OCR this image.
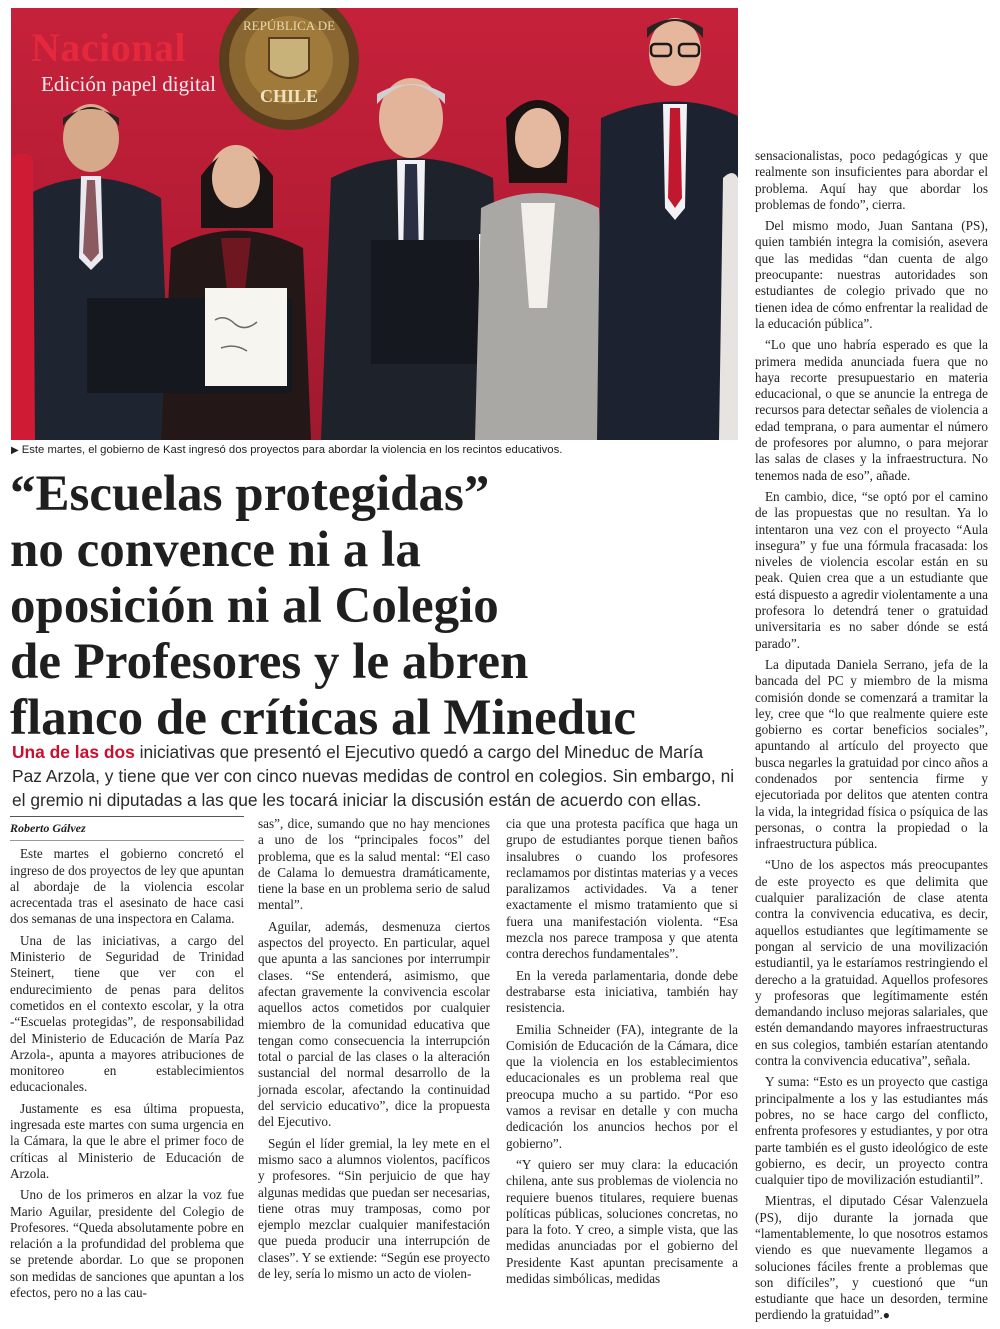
REPÚBLICA DE
CHILE
Nacional
Edición papel digital
▶ Este martes, el gobierno de Kast ingresó dos proyectos para abordar la violencia en los recintos educativos.
“Escuelas protegidas”
no convence ni a la
oposición ni al Colegio
de Profesores y le abren
flanco de críticas al Mineduc

Una de las dos iniciativas que presentó el Ejecutivo quedó a cargo del Mineduc de María Paz Arzola, y tiene que ver con cinco nuevas medidas de control en colegios. Sin embargo, ni el gremio ni diputadas a las que les tocará iniciar la discusión están de acuerdo con ellas.

Roberto Gálvez

Este martes el gobierno concretó el ingreso de dos proyectos de ley que apuntan al abordaje de la violencia escolar acrecentada tras el asesinato de hace casi dos semanas de una inspectora en Calama.

Una de las iniciativas, a cargo del Ministerio de Seguridad de Trinidad Steinert, tiene que ver con el endurecimiento de penas para delitos cometidos en el contexto escolar, y la otra -“Escuelas protegidas”, de responsabilidad del Ministerio de Educación de María Paz Arzola-, apunta a mayores atribuciones de monitoreo en establecimientos educacionales.

Justamente es esa última propuesta, ingresada este martes con suma urgencia en la Cámara, la que le abre el primer foco de críticas al Ministerio de Educación de Arzola.

Uno de los primeros en alzar la voz fue Mario Aguilar, presidente del Colegio de Profesores. “Queda absolutamente pobre en relación a la profundidad del problema que se pretende abordar. Lo que se proponen son medidas de sanciones que apuntan a los efectos, pero no a las cau-

sas”, dice, sumando que no hay menciones a uno de los “principales focos” del problema, que es la salud mental: “El caso de Calama lo demuestra dramáticamente, tiene la base en un problema serio de salud mental”.

Aguilar, además, desmenuza ciertos aspectos del proyecto. En particular, aquel que apunta a las sanciones por interrumpir clases. “Se entenderá, asimismo, que afectan gravemente la convivencia escolar aquellos actos cometidos por cualquier miembro de la comunidad educativa que tengan como consecuencia la interrupción total o parcial de las clases o la alteración sustancial del normal desarrollo de la jornada escolar, afectando la continuidad del servicio educativo”, dice la propuesta del Ejecutivo.

Según el líder gremial, la ley mete en el mismo saco a alumnos violentos, pacíficos y profesores. “Sin perjuicio de que hay algunas medidas que puedan ser necesarias, tiene otras muy tramposas, como por ejemplo mezclar cualquier manifestación que pueda producir una interrupción de clases”. Y se extiende: “Según ese proyecto de ley, sería lo mismo un acto de violen-

cia que una protesta pacífica que haga un grupo de estudiantes porque tienen baños insalubres o cuando los profesores reclamamos por distintas materias y a veces paralizamos actividades. Va a tener exactamente el mismo tratamiento que si fuera una manifestación violenta. “Esa mezcla nos parece tramposa y que atenta contra derechos fundamentales”.

En la vereda parlamentaria, donde debe destrabarse esta iniciativa, también hay resistencia.

Emilia Schneider (FA), integrante de la Comisión de Educación de la Cámara, dice que la violencia en los establecimientos educacionales es un problema real que preocupa mucho a su partido. “Por eso vamos a revisar en detalle y con mucha dedicación los anuncios hechos por el gobierno”.

“Y quiero ser muy clara: la educación chilena, ante sus problemas de violencia no requiere buenos titulares, requiere buenas políticas públicas, soluciones concretas, no para la foto. Y creo, a simple vista, que las medidas anunciadas por el gobierno del Presidente Kast apuntan precisamente a medidas simbólicas, medidas

sensacionalistas, poco pedagógicas y que realmente son insuficientes para abordar el problema. Aquí hay que abordar los problemas de fondo”, cierra.

Del mismo modo, Juan Santana (PS), quien también integra la comisión, asevera que las medidas “dan cuenta de algo preocupante: nuestras autoridades son estudiantes de colegio privado que no tienen idea de cómo enfrentar la realidad de la educación pública”.

“Lo que uno habría esperado es que la primera medida anunciada fuera que no haya recorte presupuestario en materia educacional, o que se anuncie la entrega de recursos para detectar señales de violencia a edad temprana, o para aumentar el número de profesores por alumno, o para mejorar las salas de clases y la infraestructura. No tenemos nada de eso”, añade.

En cambio, dice, “se optó por el camino de las propuestas que no resultan. Ya lo intentaron una vez con el proyecto “Aula insegura” y fue una fórmula fracasada: los niveles de violencia escolar están en su peak. Quien crea que a un estudiante que está dispuesto a agredir violentamente a una profesora lo detendrá tener o gratuidad universitaria es no saber dónde se está parado”.

La diputada Daniela Serrano, jefa de la bancada del PC y miembro de la misma comisión donde se comenzará a tramitar la ley, cree que “lo que realmente quiere este gobierno es cortar beneficios sociales”, apuntando al artículo del proyecto que busca negarles la gratuidad por cinco años a condenados por sentencia firme y ejecutoriada por delitos que atenten contra la vida, la integridad física o psíquica de las personas, o contra la propiedad o la infraestructura pública.

“Uno de los aspectos más preocupantes de este proyecto es que delimita que cualquier paralización de clase atenta contra la convivencia educativa, es decir, aquellos estudiantes que legítimamente se pongan al servicio de una movilización estudiantil, ya le estaríamos restringiendo el derecho a la gratuidad. Aquellos profesores y profesoras que legítimamente estén demandando incluso mejoras salariales, que estén demandando mayores infraestructuras en sus colegios, también estarían atentando contra la convivencia educativa”, señala.

Y suma: “Esto es un proyecto que castiga principalmente a los y las estudiantes más pobres, no se hace cargo del conflicto, enfrenta profesores y estudiantes, y por otra parte también es el gusto ideológico de este gobierno, es decir, un proyecto contra cualquier tipo de movilización estudiantil”.

Mientras, el diputado César Valenzuela (PS), dijo durante la jornada que “lamentablemente, lo que nosotros estamos viendo es que nuevamente llegamos a soluciones fáciles frente a problemas que son difíciles”, y cuestionó que “un estudiante que hace un desorden, termine perdiendo la gratuidad”.●
